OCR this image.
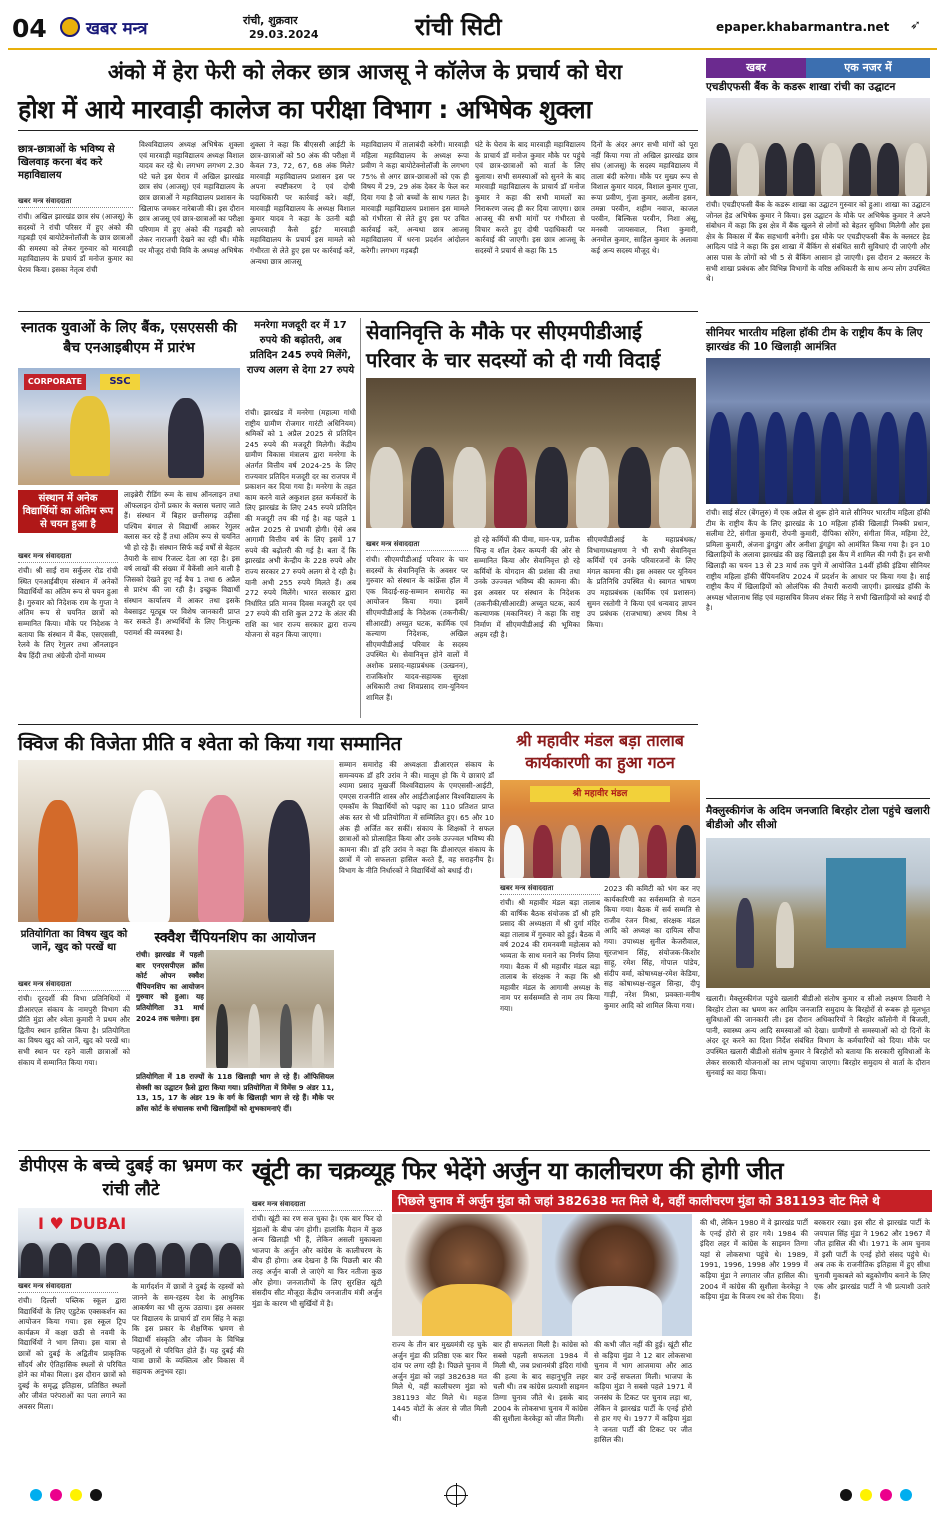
04 खबर मन्त्र	रांची, शुक्रवार
29.03.2024	रांची सिटी	epaper.khabarmantra.net ➶
अंको में हेरा फेरी को लेकर छात्र आजसू ने कॉलेज के प्रचार्य को घेरा
होश में आये मारवाड़ी कालेज का परीक्षा विभाग : अभिषेक शुक्ला
छात्र-छात्राओं के भविष्य से खिलवाड़ करना बंद करे महाविद्यालय
खबर मन्त्र संवाददाता
रांची। अखिल झारखंड छात्र संघ (आजसू) के सदस्यों ने रांची परिसर में हुए अंको की गड़बड़ी एवं बायोटेक्नोलॉजी के छात्र छात्राओं की समस्या को लेकर गुरुवार को मारवाड़ी महाविद्यालय के प्रचार्य डॉ मनोज कुमार का घेराव किया। इसका नेतृत्व रांची
विश्वविद्यालय अध्यक्ष अभिषेक शुक्ला एवं मारवाड़ी महाविद्यालय अध्यक्ष विशाल यादव कर रहे थे। लगभग लगभग 2.30 घंटे चले इस घेराव में अखिल झारखंड छात्र संघ (आजसू) एवं महाविद्यालय के छात्र छात्राओं ने महाविद्यालय प्रशासन के खिलाफ जमकर नारेबाजी की। इस दौरान छात्र आजसू एवं छात्र-छात्राओं का परीक्षा परिणाम में हुए अंको की गड़बड़ी को लेकर नाराजगी देखने का रही थी। मौके पर मौजूद रांची विवि के अध्यक्ष अभिषेक
शुक्ला ने कहा कि बीएससी आईटी के छात्र-छात्राओं को 50 अंक की परीक्षा में केवल 73, 72, 67, 68 अंक मिले? मारवाड़ी महाविद्यालय प्रशासन इस पर अपना स्पष्टीकरण दे एवं दोषी पदाधिकारी पर कार्रवाई करे। वहीं, मारवाड़ी महाविद्यालय के अध्यक्ष विशाल कुमार यादव ने कहा के उतनी बड़ी लापरवाही कैसे हुई? मारवाड़ी महाविद्यालय के प्रचार्य इस मामले को गंभीरता से लेते हुए इस पर कार्रवाई करें, अन्यथा छात्र आजसू
महाविद्यालय में तालाबंदी करेगी। मारवाड़ी महिला महाविद्यालय के अध्यक्ष रूपा प्रवीण ने कहा बायोटेक्नोलॉजी के लगभग 75% से अगर छात्र-छात्राओं को एक ही विषय में 29, 29 अंक देकर के फेल कर दिया गया है जो बच्चों के साथ गलत है। मारवाड़ी महाविद्यालय प्रशासन इस मामले को गंभीरता से लेते हुए इस पर उचित कार्रवाई करें, अन्यथा छात्र आजसू महाविद्यालय में धरना प्रदर्शन आंदोलन करेगी। लगभग गड़बड़ी
घंटे के घेराव के बाद मारवाड़ी महाविद्यालय के प्राचार्य डॉ मनोज कुमार मौके पर पहुंचे एवं छात्र-छात्राओं को वार्ता के लिए बुलाया। सभी समस्याओं को सुनने के बाद मारवाड़ी महाविद्यालय के प्राचार्य डॉ मनोज कुमार ने कहा की सभी मामलों का निराकरण जल्द ही कर दिया जाएगा। छात्र आजसू की सभी मांगों पर गंभीरता से विचार करते हुए दोषी पदाधिकारी पर कार्रवाई की जाएगी। इस छात्र आजसू के सदस्यों ने प्रचार्य से कहा कि 15
दिनों के अंदर अगर सभी मांगों को पूरा नहीं किया गया तो अखिल झारखंड छात्र संघ (आजसू) के सदस्य महाविद्यालय में ताला बंदी करेगा। मौके पर मुख्य रूप से विशाल कुमार यादव, विशाल कुमार गुप्ता, रूपा प्रवीण, गुंजा कुमार, अलीना हसन, तमन्ना परवीन, शहीम नवाज, काजल परवीन, बिल्किस परवीन, निशा अंसू, मनस्वी जायसवाल, निशा कुमारी, अनमोल कुमार, साहिल कुमार के अलावा कई अन्य सदस्य मौजूद थे।
स्नातक युवाओं के लिए बैंक, एसएससी की बैच एनआइबीएम में प्रारंभ
CORPORATE	SSC
संस्थान में अनेक विद्यार्थियों का अंतिम रूप से चयन हुआ है
लाइब्रेरी रीडिंग रूम के साथ ऑनलाइन तथा ऑफलाइन दोनों प्रकार के क्लास चलाए जाते हैं। संस्थान में बिहार छत्तीसगढ़ उड़ीसा पश्चिम बंगाल से विद्यार्थी आकर रेगुलर क्लास कर रहे हैं तथा अंतिम रूप से चयनित भी हो रहे हैं। संस्थान सिर्फ कई वर्षों से बेहतर तैयारी के साथ रिजल्ट देता आ रहा है। इस वर्ष लाखों की संख्या में वैकेंसी आने वाली है जिसको देखते हुए नई बैच 1 तथा 6 अप्रैल से प्रारंभ की जा रही है। इच्छुक विद्यार्थी संस्थान कार्यालय में आकर तथा इसके वेबसाइट यूट्यूब पर विशेष जानकारी प्राप्त कर सकते हैं। अभ्यर्थियों के लिए निःशुल्क परामर्श की व्यवस्था है।
खबर मन्त्र संवाददाता
रांची। श्री साईं राम सर्कुलर रोड रांची स्थित एनआईबीएम संस्थान में अनेकों विद्यार्थियों का अंतिम रूप से चयन हुआ है। गुरुवार को निदेशक राम के गुप्ता ने अंतिम रूप से चयनित छात्रों को सम्मानित किया। मौके पर निदेशक ने बताया कि संस्थान में बैंक, एसएससी, रेलवे के लिए रेगुलर तथा ऑनलाइन बैच हिंदी तथा अंग्रेजी दोनों माध्यम
मनरेगा मजदूरी दर में 17 रुपये की बढ़ोतरी, अब प्रतिदिन 245 रुपये मिलेंगे, राज्य अलग से देगा 27 रुपये
रांची। झारखंड में मनरेगा (महात्मा गांधी राष्ट्रीय ग्रामीण रोजगार गारंटी अधिनियम) श्रमिकों को 1 अप्रैल 2025 से प्रतिदिन 245 रुपये की मजदूरी मिलेगी। केंद्रीय ग्रामीण विकास मंत्रालय द्वारा मनरेगा के अंतर्गत वित्तीय वर्ष 2024-25 के लिए राज्यवार प्रतिदिन मजदूरी दर का राजपत्र में प्रकाशन कर दिया गया है। मनरेगा के तहत काम करने वाले अकुशल हस्त कर्मकारों के लिए झारखंड के लिए 245 रुपये प्रतिदिन की मजदूरी तय की गई है। वह पहले 1 अप्रैल 2025 से प्रभावी होगी। ऐसे अब आगामी वित्तीय वर्ष के लिए इसमें 17 रुपये की बढ़ोतरी की गई है। बता दें कि झारखंड अभी केन्द्रीय के 228 रुपये और राज्य सरकार 27 रुपये अलग से दे रही है। यानी अभी 255 रुपये मिलते हैं। अब 272 रुपये मिलेंगे। भारत सरकार द्वारा निर्धारित प्रति मानव दिवस मजदूरी दर एवं 27 रुपये की राशि कुल 272 के अंतर की राशि का भार राज्य सरकार द्वारा राज्य योजना से वहन किया जाएगा।
सेवानिवृत्ति के मौके पर सीएमपीडीआई परिवार के चार सदस्यों को दी गयी विदाई
खबर मन्त्र संवाददाता
रांची। सीएमपीडीआई परिवार के चार सदस्यों के सेवानिवृत्ति के अवसर पर गुरुवार को संस्थान के कांफ्रेंस हॉल में एक विदाई-सह-सम्मान समारोह का आयोजन किया गया। इसमें सीएमपीडीआई के निदेशक (तकनीकी/सीआरडी) अच्युत घटक, कार्मिक एवं कल्याण निदेशक, अखिल सीएमपीडीआई परिवार के सदस्य उपस्थित थे। सेवानिवृत्त होने वालों में अशोक प्रसाद-महाप्रबंधक (उत्खनन), राजकिशोर यादव-सहायक सुरक्षा अधिकारी तथा शिवप्रसाद राम-यूनियन शामिल हैं।
हो रहे कर्मियों की पीमा, मान-पत्र, प्रतीक चिन्ह व शॉल देकर कम्पनी की ओर से सम्मानित किया और सेवानिवृत्त हो रहे कर्मियों के योगदान की प्रशंसा की तथा उनके उज्ज्वल भविष्य की कामना की। इस अवसर पर संस्थान के निदेशक (तकनीकी/सीआरडी) अच्युत घटक, कार्य कल्याणक (मकानियर) ने कहा कि राष्ट्र निर्माण में सीएमपीडीआई की भूमिका अहम रही है।
सीएमपीडीआई के महाप्रबंधक/विभागाध्यक्षगण ने भी सभी सेवानिवृत्त कर्मियों एवं उनके परिवारजनों के लिए मंगल कामना की। इस अवसर पर यूनियन के प्रतिनिधि उपस्थित थे। स्वागत भाषण उप महाप्रबंधक (कार्मिक एवं प्रशासन) सुमन रस्तोगी ने किया एवं धन्यवाद ज्ञापन उप प्रबंधक (राजभाषा) अभय मिश्र ने किया।
खबर	एक नजर में
एचडीएफसी बैंक के कडरू शाखा रांची का उद्घाटन
रांची। एचडीएफसी बैंक के कडरू शाखा का उद्घाटन गुरुवार को हुआ। शाखा का उद्घाटन जोनल हेड अभिषेक कुमार ने किया। इस उद्घाटन के मौके पर अभिषेक कुमार ने अपने संबोधन में कहा कि इस क्षेत्र में बैंक खुलने से लोगों को बेहतर सुविधा मिलेगी और इस क्षेत्र के विकास में बैंक सहभागी बनेगी। इस मौके पर एचडीएफसी बैंक के क्लस्टर हेड आदित्य पांडे ने कहा कि इस शाखा में बैंकिंग से संबंधित सारी सुविधाएं दी जाएंगी और आस पास के लोगों को भी 5 से बैंकिंग आसान हो जाएगी। इस दौरान 2 क्लस्टर के सभी शाखा प्रबंधक और विभिन्न विभागों के वरिष्ठ अधिकारी के साथ अन्य लोग उपस्थित थे।
सीनियर भारतीय महिला हॉकी टीम के राष्ट्रीय कैंप के लिए झारखंड की 10 खिलाड़ी आमंत्रित
रांची। साई सेंटर (बेंगलुरु) में एक अप्रैल से शुरू होने वाले सीनियर भारतीय महिला हॉकी टीम के राष्ट्रीय कैंप के लिए झारखंड के 10 महिला हॉकी खिलाड़ी निक्की प्रधान, सलीमा टेटे, संगीता कुमारी, रोपनी कुमारी, दीपिका सोरेंग, संगीता मिंज, महिमा टेटे, प्रमिला कुमारी, अंजना डुंगडुंग और अनीशा डुंगडुंग को आमंत्रित किया गया है। इन 10 खिलाड़ियों के अलावा झारखंड की छह खिलाड़ी इस कैंप में शामिल की गयी हैं। इन सभी खिलाड़ी का चयन 13 से 23 मार्च तक पुणे में आयोजित 14वीं हॉकी इंडिया सीनियर राष्ट्रीय महिला हॉकी चैंपियनशिप 2024 में प्रदर्शन के आधार पर किया गया है। साई राष्ट्रीय कैंप में खिलाड़ियों को ओलंपिक की तैयारी करायी जाएगी। झारखंड हॉकी के अध्यक्ष भोलानाथ सिंह एवं महासचिव विजय शंकर सिंह ने सभी खिलाड़ियों को बधाई दी है।
मैक्लुस्कीगंज के अदिम जनजाति बिरहोर टोला पहुंचे खलारी बीडीओ और सीओ
खलारी। मैक्लुस्कीगंज पहुंचे खलारी बीडीओ संतोष कुमार व सीओ लक्ष्मण तिवारी ने बिरहोर टोला का भ्रमण कर आदिम जनजाति समुदाय के बिरहोरों से रूबरू हो मूलभूत सुविधाओं की जानकारी ली। इस दौरान अधिकारियों ने बिरहोर कॉलोनी में बिजली, पानी, स्वास्थ्य अन्य आदि समस्याओं को देखा। ग्रामीणों से समस्याओं को दो दिनों के अंदर दूर करने का दिशा निर्देश संबंधित विभाग के कर्मचारियों को दिया। मौके पर उपस्थित खलारी बीडीओ संतोष कुमार ने बिरहोरों को बताया कि सरकारी सुविधाओं के लेकर सरकारी योजनाओं का लाभ पहुंचाया जाएगा। बिरहोर समुदाय से वार्ता के दौरान सुनवाई का वादा किया।
क्विज की विजेता प्रीति व श्वेता को किया गया सम्मानित
प्रतियोगिता का विषय खुद को जानें, खुद को परखें था
खबर मन्त्र संवाददाता
रांची। दूरदर्शी की विभा प्रतिनिधियों में डीआरएल संकाय के नामपुरी विभाग की प्रीति मुंडा और श्वेता कुमारी ने प्रथम और द्वितीय स्थान हासिल किया है। प्रतियोगिता का विषय खुद को जानें, खुद को परखें था। सभी स्थान पर रहने वाली छात्राओं को संकाय में सम्मानित किया गया।
सम्मान समारोह की अध्यक्षता डीआरएल संकाय के समन्वयक डॉ हरि उरांव ने की। मालूम हो कि ये छात्राएं डॉ श्यामा प्रसाद मुखर्जी विश्वविद्यालय के एमएससी-आईटी, एमएस राजनीति शास्त्र और आईटीआईआर विश्वविद्यालय के एमकॉम के विद्यार्थियों को पढ़ाए का 110 प्रतिशत प्राप्त अंक स्तर से भी प्रतियोगिता में सम्मिलित हुए। 65 और 10 अंक ही अर्जित कर सकीं। संकाय के शिक्षकों ने सफल छात्राओं को प्रोत्साहित किया और उनके उज्ज्वल भविष्य की कामना की। डॉ हरि उरांव ने कहा कि डीआरएल संकाय के छात्रों में जो सफलता हासिल करते हैं, वह सराहनीय है। विभाग के नीति निर्धारकों ने विद्यार्थियों को बधाई दी।
स्क्वैश चैंपियनशिप का आयोजन
रांची। झारखंड में पहली बार एनएसपीएल क्रॉस कोर्ट ओपन स्क्वैश चैंपियनशिप का आयोजन गुरुवार को हुआ। यह प्रतियोगिता 31 मार्च 2024 तक चलेगा। इस
प्रतियोगिता में 18 राज्यों के 118 खिलाड़ी भाग ले रहे हैं। ऑफिसियल सेक्सी का उद्घाटन फ़ैसे द्वारा किया गया। प्रतियोगिता में विमेंस 9 अंडर 11, 13, 15, 17 के अंडर 19 के वर्ग के खिलाड़ी भाग ले रहे हैं। मौके पर क्रॉस कोर्ट के संचालक सभी खिलाड़ियों को शुभकामनाएं दीं।
श्री महावीर मंडल बड़ा तालाब कार्यकारणी का हुआ गठन
श्री महावीर मंडल
खबर मन्त्र संवाददाता
रांची। श्री महावीर मंडल बड़ा तालाब की वार्षिक बैठक संयोजक डॉ श्री हरि प्रसाद की अध्यक्षता में श्री दुर्गा मंदिर बड़ा तालाब में गुरुवार को हुई। बैठक में वर्ष 2024 की रामनवमी महोत्सव को भव्यता के साथ मनाने का निर्णय लिया गया। बैठक में श्री महावीर मंडल बड़ा तालाब के संरक्षक ने कहा कि श्री महावीर मंडल के आगामी अध्यक्ष के नाम पर सर्वसम्मति से नाम तय किया गया।
2023 की कमिटी को भंग कर नए कार्यकारिणी का सर्वसम्मति से गठन किया गया। बैठक में सर्व सम्मति से राजीव रंजन मिश्रा, संरक्षक मंडल आदि को अध्यक्ष का दायित्व सौंपा गया। उपाध्यक्ष सुनील केजरीवाल, सूरजभान सिंह, संयोजक-किशोर साहू, रमेश सिंह, गोपाल पांडेय, संदीप वर्मा, कोषाध्यक्ष-रमेश केडिया, सह कोषाध्यक्ष-राहुल सिन्हा, दीपू गाड़ी, नरेश मिश्रा, प्रवक्ता-मनीष कुमार आदि को शामिल किया गया।
डीपीएस के बच्चे दुबई का भ्रमण कर रांची लौटे
I ♥ DUBAI
खबर मन्त्र संवाददाता
रांची। दिल्ली पब्लिक स्कूल द्वारा विद्यार्थियों के लिए एडुटेक एक्सकर्शन का आयोजन किया गया। इस स्कूल ट्रिप कार्यक्रम में कक्षा छठी से नवमी के विद्यार्थियों ने भाग लिया। इस यात्रा से छात्रों को दुबई के अद्वितीय प्राकृतिक सौंदर्य और ऐतिहासिक स्थलों से परिचित होने का मौका मिला। इस दौरान छात्रों को दुबई के समृद्ध इतिहास, प्रतिष्ठित स्थलों और जीवंत परंपराओं का पता लगाने का अवसर मिला।
के मार्गदर्शन में छात्रों ने दुबई के रहस्यों को जानने के सम-रहस्य देश के आधुनिक आकर्षण का भी लुत्फ उठाया। इस अवसर पर विद्यालय के प्राचार्य डॉ राम सिंह ने कहा कि इस प्रकार के शैक्षणिक भ्रमण से विद्यार्थी संस्कृति और जीवन के विभिन्न पहलुओं से परिचित होते हैं। यह दुबई की यात्रा छात्रों के व्यक्तित्व और विकास में सहायक अनुभव रहा।
खूंटी का चक्रव्यूह फिर भेदेंगे अर्जुन या कालीचरण की होगी जीत
पिछले चुनाव में अर्जुन मुंडा को जहां 382638 मत मिले थे, वहीं कालीचरण मुंडा को 381193 वोट मिले थे
खबर मन्त्र संवाददाता
रांची। खूंटी का रण सज चुका है। एक बार फिर दो मुंडाओं के बीच जंग होगी। हालांकि मैदान में कुछ अन्य खिलाड़ी भी हैं, लेकिन असली मुकाबला भाजपा के अर्जुन और कांग्रेस के कालीचरण के बीच ही होगा। अब देखना है कि पिछली बार की तरह अर्जुन बाजी ले जाएंगे या फिर नतीजा कुछ और होगा। जनजातीयों के लिए सुरक्षित खूंटी संसदीय सीट मौजूदा केंद्रीय जनजातीय मंत्री अर्जुन मुंडा के कारण भी सुर्खियों में है।
राज्य के तीन बार मुख्यमंत्री रह चुके अर्जुन मुंडा की प्रतिष्ठा एक बार फिर दांव पर लगा रही है। पिछले चुनाव में अर्जुन मुंडा को जहां 382638 मत मिले थे, वहीं कालीचरण मुंडा को 381193 वोट मिले थे। महज 1445 वोटों के अंतर से जीत मिली थी।
बार ही सफलता मिली है। कांग्रेस को सबसे पहली सफलता 1984 में मिली थी, जब प्रधानमंत्री इंदिरा गांधी की हत्या के बाद सहानुभूति लहर चली थी। तब कांग्रेस प्रत्याशी साइमन तिग्गा चुनाव जीते थे। इसके बाद 2004 के लोकसभा चुनाव में कांग्रेस की सुशीला केरकेट्टा को जीत मिली।
की कभी जीत नहीं की हुई। खूंटी सीट से कड़िया मुंडा ने 12 बार लोकसभा चुनाव में भाग आजमाया और आठ बार उन्हें सफलता मिली। भाजपा के कड़िया मुंडा ने सबसे पहले 1971 में जनसंघ के टिकट पर चुनाव लड़ा था, लेकिन वे झारखंड पार्टी के एनई होरो से हार गए थे। 1977 में कड़िया मुंडा ने जनता पार्टी की टिकट पर जीत हासिल की।
की थी, लेकिन 1980 में वे झारखंड पार्टी के एनई होरो से हार गये। 1984 की इंदिरा लहर में कांग्रेस के साइमन तिग्गा यहां से लोकसभा पहुंचे थे। 1989, 1991, 1996, 1998 और 1999 में कड़िया मुंडा ने लगातार जीत हासिल की। 2004 में कांग्रेस की सुशीला केरकेट्टा ने कड़िया मुंडा के विजय रथ को रोक दिया।
बरकरार रखा। इस सीट से झारखंड पार्टी के जयपाल सिंह मुंडा ने 1962 और 1967 में जीत हासिल की थी। 1971 के आम चुनाव में इसी पार्टी के एनई होरो संसद पहुंचे थे। अब तक के राजनीतिक इतिहास में हुए सीधा चुनावी मुकाबले को बहुकोणीय बनाने के लिए एक और झारखंड पार्टी ने भी प्रत्याशी उतारे हैं।
